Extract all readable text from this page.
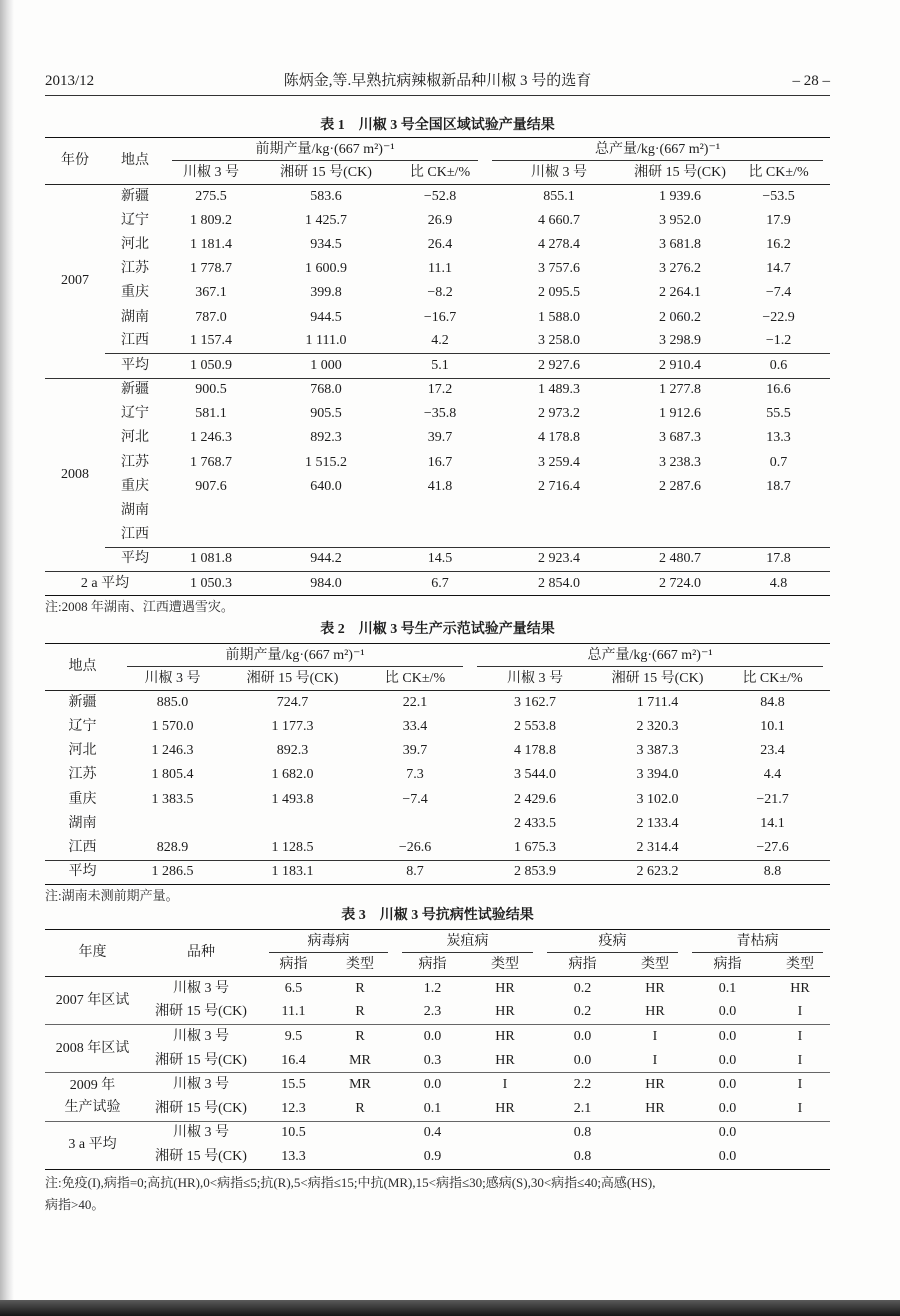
2013/12	陈炳金,等.早熟抗病辣椒新品种川椒 3 号的选育	– 28 –
表 1　川椒 3 号全国区域试验产量结果
年份	地点	前期产量/kg·(667 m²)⁻¹			总产量/kg·(667 m²)⁻¹		
		川椒 3 号	湘研 15 号(CK)	比 CK±/%	川椒 3 号	湘研 15 号(CK)	比 CK±/%
2007	新疆	275.5	583.6	−52.8	855.1	1 939.6	−53.5
	辽宁	1 809.2	1 425.7	26.9	4 660.7	3 952.0	17.9
	河北	1 181.4	934.5	26.4	4 278.4	3 681.8	16.2
	江苏	1 778.7	1 600.9	11.1	3 757.6	3 276.2	14.7
	重庆	367.1	399.8	−8.2	2 095.5	2 264.1	−7.4
	湖南	787.0	944.5	−16.7	1 588.0	2 060.2	−22.9
	江西	1 157.4	1 111.0	4.2	3 258.0	3 298.9	−1.2
	平均	1 050.9	1 000	5.1	2 927.6	2 910.4	0.6
2008	新疆	900.5	768.0	17.2	1 489.3	1 277.8	16.6
	辽宁	581.1	905.5	−35.8	2 973.2	1 912.6	55.5
	河北	1 246.3	892.3	39.7	4 178.8	3 687.3	13.3
	江苏	1 768.7	1 515.2	16.7	3 259.4	3 238.3	0.7
	重庆	907.6	640.0	41.8	2 716.4	2 287.6	18.7
	湖南						
	江西						
	平均	1 081.8	944.2	14.5	2 923.4	2 480.7	17.8
2 a 平均		1 050.3	984.0	6.7	2 854.0	2 724.0	4.8
注:2008 年湖南、江西遭遇雪灾。
表 2　川椒 3 号生产示范试验产量结果
地点	前期产量/kg·(667 m²)⁻¹			总产量/kg·(667 m²)⁻¹		
	川椒 3 号	湘研 15 号(CK)	比 CK±/%	川椒 3 号	湘研 15 号(CK)	比 CK±/%
新疆	885.0	724.7	22.1	3 162.7	1 711.4	84.8
辽宁	1 570.0	1 177.3	33.4	2 553.8	2 320.3	10.1
河北	1 246.3	892.3	39.7	4 178.8	3 387.3	23.4
江苏	1 805.4	1 682.0	7.3	3 544.0	3 394.0	4.4
重庆	1 383.5	1 493.8	−7.4	2 429.6	3 102.0	−21.7
湖南				2 433.5	2 133.4	14.1
江西	828.9	1 128.5	−26.6	1 675.3	2 314.4	−27.6
平均	1 286.5	1 183.1	8.7	2 853.9	2 623.2	8.8
注:湖南未测前期产量。
表 3　川椒 3 号抗病性试验结果
年度	品种	病毒病		炭疽病		疫病		青枯病	
		病指	类型	病指	类型	病指	类型	病指	类型

2007 年区试	川椒 3 号	6.5	R	1.2	HR	0.2	HR	0.1	HR
	湘研 15 号(CK)	11.1	R	2.3	HR	0.2	HR	0.0	I

2008 年区试	川椒 3 号	9.5	R	0.0	HR	0.0	I	0.0	I
	湘研 15 号(CK)	16.4	MR	0.3	HR	0.0	I	0.0	I

2009 年
生产试验	川椒 3 号	15.5	MR	0.0	I	2.2	HR	0.0	I
	湘研 15 号(CK)	12.3	R	0.1	HR	2.1	HR	0.0	I

3 a 平均	川椒 3 号	10.5		0.4		0.8		0.0	
	湘研 15 号(CK)	13.3		0.9		0.8		0.0	
注:免疫(I),病指=0;高抗(HR),0<病指≤5;抗(R),5<病指≤15;中抗(MR),15<病指≤30;感病(S),30<病指≤40;高感(HS),
病指>40。
